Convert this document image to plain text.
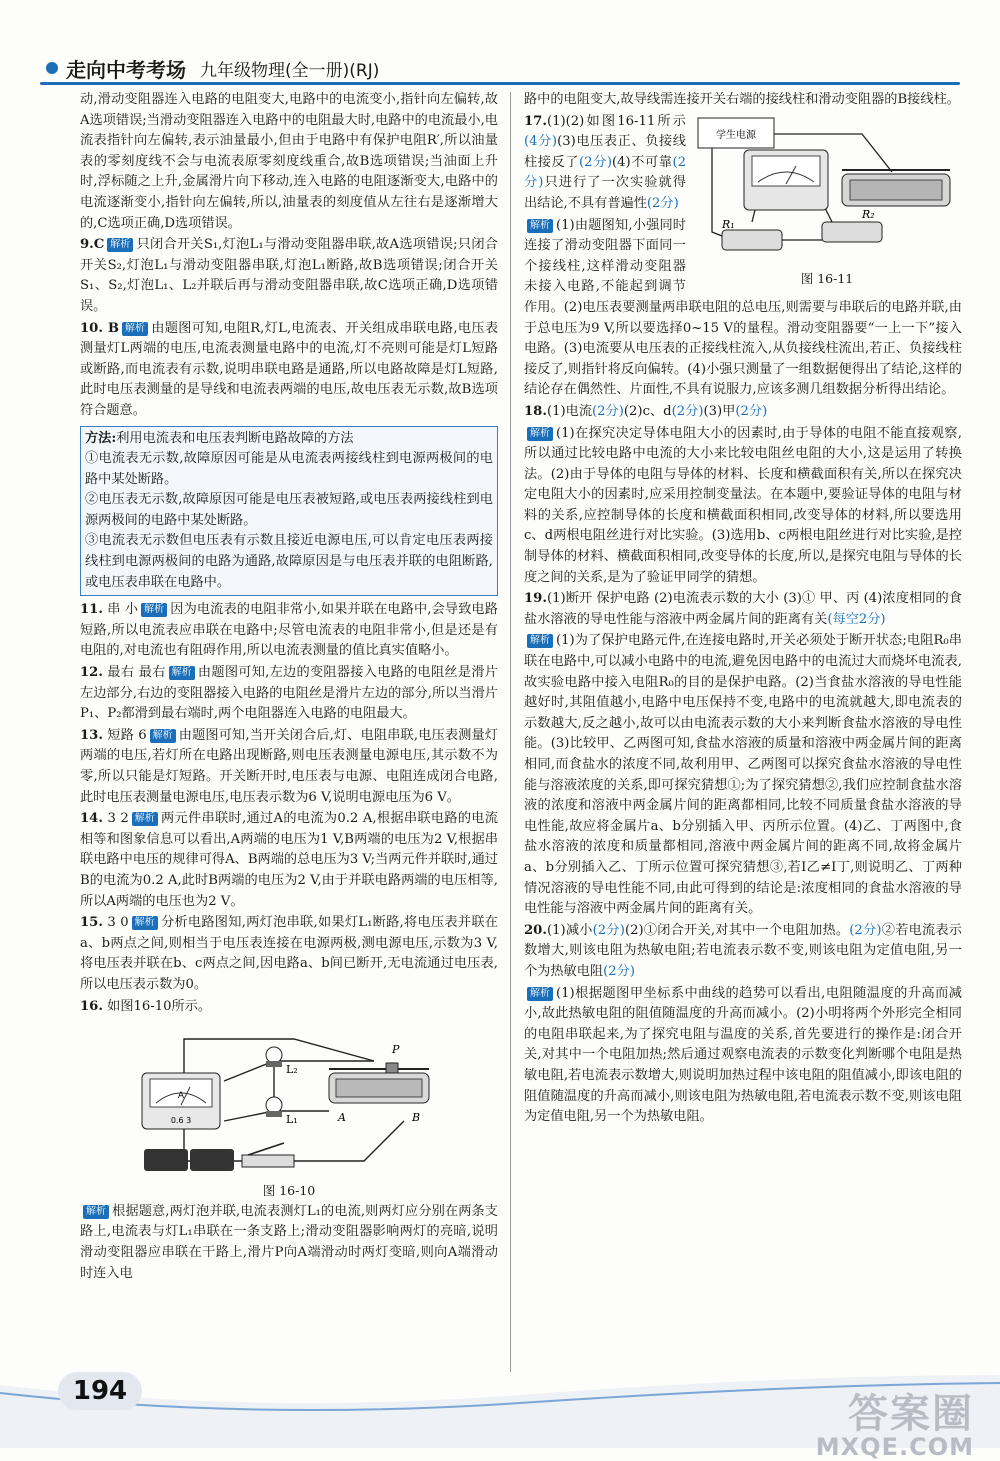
走向中考考场 九年级物理(全一册)(RJ)

动,滑动变阻器连入电路的电阻变大,电路中的电流变小,指针向左偏转,故A选项错误;当滑动变阻器连入电路中的电阻最大时,电路中的电流最小,电流表指针向左偏转,表示油量最小,但由于电路中有保护电阻R′,所以油量表的零刻度线不会与电流表原零刻度线重合,故B选项错误;当油面上升时,浮标随之上升,金属滑片向下移动,连入电路的电阻逐渐变大,电路中的电流逐渐变小,指针向左偏转,所以,油量表的刻度值从左往右是逐渐增大的,C选项正确,D选项错误。

9.C 解析 只闭合开关S₁,灯泡L₁与滑动变阻器串联,故A选项错误;只闭合开关S₂,灯泡L₁与滑动变阻器串联,灯泡L₁断路,故B选项错误;闭合开关S₁、S₂,灯泡L₁、L₂并联后再与滑动变阻器串联,故C选项正确,D选项错误。

10. B 解析 由题图可知,电阻R,灯L,电流表、开关组成串联电路,电压表测量灯L两端的电压,电流表测量电路中的电流,灯不亮则可能是灯L短路或断路,而电流表有示数,说明串联电路是通路,所以电路故障是灯L短路,此时电压表测量的是导线和电流表两端的电压,故电压表无示数,故B选项符合题意。

方法:利用电流表和电压表判断电路故障的方法

①电流表无示数,故障原因可能是从电流表两接线柱到电源两极间的电路中某处断路。

②电压表无示数,故障原因可能是电压表被短路,或电压表两接线柱到电源两极间的电路中某处断路。

③电流表无示数但电压表有示数且接近电源电压,可以肯定电压表两接线柱到电源两极间的电路为通路,故障原因是与电压表并联的电阻断路,或电压表串联在电路中。

11. 串 小 解析 因为电流表的电阻非常小,如果并联在电路中,会导致电路短路,所以电流表应串联在电路中;尽管电流表的电阻非常小,但是还是有电阻的,对电流也有阻碍作用,所以电流表测量的值比真实值略小。

12. 最右 最右 解析 由题图可知,左边的变阻器接入电路的电阻丝是滑片左边部分,右边的变阻器接入电路的电阻丝是滑片左边的部分,所以当滑片P₁、P₂都滑到最右端时,两个电阻器连入电路的电阻最大。

13. 短路 6 解析 由题图可知,当开关闭合后,灯、电阻串联,电压表测量灯两端的电压,若灯所在电路出现断路,则电压表测量电源电压,其示数不为零,所以只能是灯短路。开关断开时,电压表与电源、电阻连成闭合电路,此时电压表测量电源电压,电压表示数为6 V,说明电源电压为6 V。

14. 3 2 解析 两元件串联时,通过A的电流为0.2 A,根据串联电路的电流相等和图象信息可以看出,A两端的电压为1 V,B两端的电压为2 V,根据串联电路中电压的规律可得A、B两端的总电压为3 V;当两元件并联时,通过B的电流为0.2 A,此时B两端的电压为2 V,由于并联电路两端的电压相等,所以A两端的电压也为2 V。

15. 3 0 解析 分析电路图知,两灯泡串联,如果灯L₁断路,将电压表并联在a、b两点之间,则相当于电压表连接在电源两极,测电源电压,示数为3 V,将电压表并联在b、c两点之间,因电路a、b间已断开,无电流通过电压表,所以电压表示数为0。

16. 如图16-10所示。

A
0.6 3
L₂
L₁
P
A	B

图 16-10

解析 根据题意,两灯泡并联,电流表测灯L₁的电流,则两灯应分别在两条支路上,电流表与灯L₁串联在一条支路上;滑动变阻器影响两灯的亮暗,说明滑动变阻器应串联在干路上,滑片P向A端滑动时两灯变暗,则向A端滑动时连入电

路中的电阻变大,故导线需连接开关右端的接线柱和滑动变阻器的B接线柱。

学生电源
R₁
R₂

图 16-11

17.(1)(2)如图16-11所示(4分)(3)电压表正、负接线柱接反了(2分)(4)不可靠(2分)只进行了一次实验就得出结论,不具有普遍性(2分)

解析 (1)由题图知,小强同时连接了滑动变阻器下面同一个接线柱,这样滑动变阻器未接入电路,不能起到调节作用。(2)电压表要测量两串联电阻的总电压,则需要与串联后的电路并联,由于总电压为9 V,所以要选择0~15 V的量程。滑动变阻器要“一上一下”接入电路。(3)电流要从电压表的正接线柱流入,从负接线柱流出,若正、负接线柱接反了,则指针将反向偏转。(4)小强只测量了一组数据便得出了结论,这样的结论存在偶然性、片面性,不具有说服力,应该多测几组数据分析得出结论。

18.(1)电流(2分)(2)c、d(2分)(3)甲(2分)

解析 (1)在探究决定导体电阻大小的因素时,由于导体的电阻不能直接观察,所以通过比较电路中电流的大小来比较电阻丝电阻的大小,这是运用了转换法。(2)由于导体的电阻与导体的材料、长度和横截面积有关,所以在探究决定电阻大小的因素时,应采用控制变量法。在本题中,要验证导体的电阻与材料的关系,应控制导体的长度和横截面积相同,改变导体的材料,所以要选用c、d两根电阻丝进行对比实验。(3)选用b、c两根电阻丝进行对比实验,是控制导体的材料、横截面积相同,改变导体的长度,所以,是探究电阻与导体的长度之间的关系,是为了验证甲同学的猜想。

19.(1)断开 保护电路 (2)电流表示数的大小 (3)① 甲、丙 (4)浓度相同的食盐水溶液的导电性能与溶液中两金属片间的距离有关(每空2分)

解析 (1)为了保护电路元件,在连接电路时,开关必须处于断开状态;电阻R₀串联在电路中,可以减小电路中的电流,避免因电路中的电流过大而烧坏电流表,故实验电路中接入电阻R₀的目的是保护电路。(2)当食盐水溶液的导电性能越好时,其阻值越小,电路中电压保持不变,电路中的电流就越大,即电流表的示数越大,反之越小,故可以由电流表示数的大小来判断食盐水溶液的导电性能。(3)比较甲、乙两图可知,食盐水溶液的质量和溶液中两金属片间的距离相同,而食盐水的浓度不同,故利用甲、乙两图可以探究食盐水溶液的导电性能与溶液浓度的关系,即可探究猜想①;为了探究猜想②,我们应控制食盐水溶液的浓度和溶液中两金属片间的距离都相同,比较不同质量食盐水溶液的导电性能,故应将金属片a、b分别插入甲、丙所示位置。(4)乙、丁两图中,食盐水溶液的浓度和质量都相同,溶液中两金属片间的距离不同,故将金属片a、b分别插入乙、丁所示位置可探究猜想③,若I乙≠I丁,则说明乙、丁两种情况溶液的导电性能不同,由此可得到的结论是:浓度相同的食盐水溶液的导电性能与溶液中两金属片间的距离有关。

20.(1)减小(2分)(2)①闭合开关,对其中一个电阻加热。(2分)②若电流表示数增大,则该电阻为热敏电阻;若电流表示数不变,则该电阻为定值电阻,另一个为热敏电阻(2分)

解析 (1)根据题图甲坐标系中曲线的趋势可以看出,电阻随温度的升高而减小,故此热敏电阻的阻值随温度的升高而减小。(2)小明将两个外形完全相同的电阻串联起来,为了探究电阻与温度的关系,首先要进行的操作是:闭合开关,对其中一个电阻加热;然后通过观察电流表的示数变化判断哪个电阻是热敏电阻,若电流表示数增大,则说明加热过程中该电阻的阻值减小,即该电阻的阻值随温度的升高而减小,则该电阻为热敏电阻,若电流表示数不变,则该电阻为定值电阻,另一个为热敏电阻。

194	答案圈
MXQE.COM
